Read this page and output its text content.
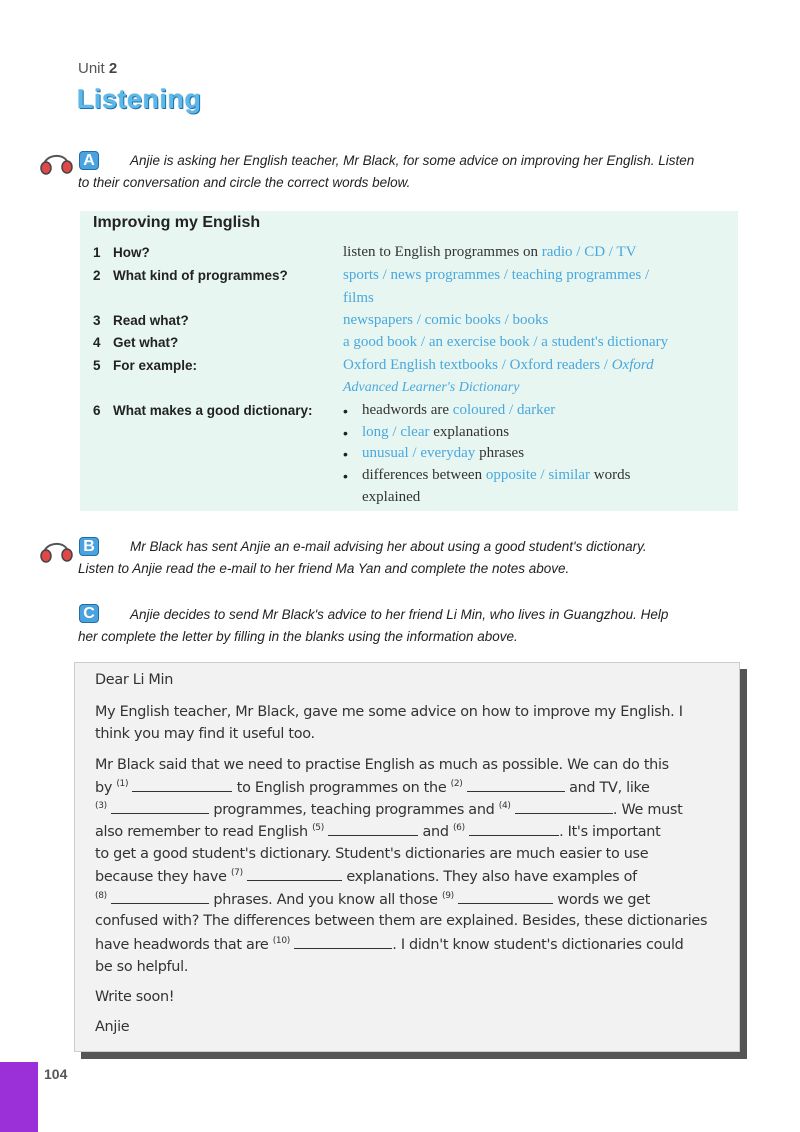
Unit 2
Listening
A	Anjie is asking her English teacher, Mr Black, for some advice on improving her English. Listen
to their conversation and circle the correct words below.
Improving my English
1 How?	listen to English programmes on radio / CD / TV
2 What kind of programmes?	sports / news programmes / teaching programmes /
films
3 Read what?	newspapers / comic books / books
4 Get what?	a good book / an exercise book / a student's dictionary
5 For example:	Oxford English textbooks / Oxford readers / Oxford
Advanced Learner's Dictionary
6 What makes a good dictionary: • headwords are coloured / darker
• long / clear explanations
• unusual / everyday phrases
• differences between opposite / similar words
explained
B	Mr Black has sent Anjie an e-mail advising her about using a good student's dictionary.
Listen to Anjie read the e-mail to her friend Ma Yan and complete the notes above.
C	Anjie decides to send Mr Black's advice to her friend Li Min, who lives in Guangzhou. Help
her complete the letter by filling in the blanks using the information above.
Dear Li Min
My English teacher, Mr Black, gave me some advice on how to improve my English. I
think you may find it useful too.
Mr Black said that we need to practise English as much as possible. We can do this
by $^{(1)}$	to English programmes on the $^{(2)}$	and TV, like
$^{(3)}$	programmes, teaching programmes and $^{(4)}$	. We must
also remember to read English $^{(5)}$	and $^{(6)}$	. It's important
to get a good student's dictionary. Student's dictionaries are much easier to use
because they have $^{(7)}$	explanations. They also have examples of
$^{(8)}$	phrases. And you know all those $^{(9)}$	words we get
confused with? The differences between them are explained. Besides, these dictionaries
have headwords that are $^{(10)}$	. I didn't know student's dictionaries could
be so helpful.
Write soon!
Anjie
104
